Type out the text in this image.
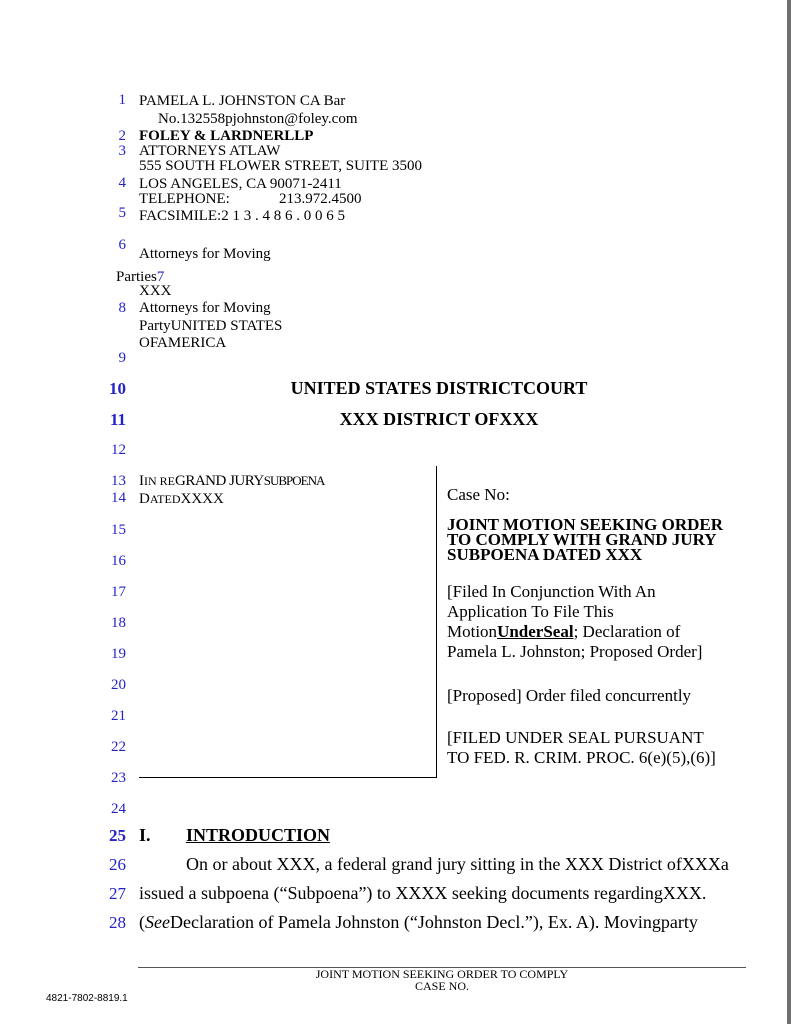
1
2
3
4
5
6
8
9
10
11
12
13
14
15
16
17
18
19
20
21
22
23
24
25
26
27
28
PAMELA L. JOHNSTON CA Bar
No.132558pjohnston@foley.com
FOLEY & LARDNERLLP
ATTORNEYS ATLAW
555 SOUTH FLOWER STREET, SUITE 3500
LOS ANGELES, CA 90071-2411
TELEPHONE:	213.972.4500
FACSIMILE:2 1 3 . 4 8 6 . 0 0 6 5
Attorneys for Moving
Parties7
XXX
Attorneys for Moving
PartyUNITED STATES
OFAMERICA
UNITED STATES DISTRICTCOURT
XXX DISTRICT OFXXX
IIN REGRAND JURYSUBPOENA
DATEDXXXX	Case No:
JOINT MOTION SEEKING ORDER
TO COMPLY WITH GRAND JURY
SUBPOENA DATED XXX
[Filed In Conjunction With An
Application To File This
MotionUnderSeal; Declaration of
Pamela L. Johnston; Proposed Order]
[Proposed] Order filed concurrently
[FILED UNDER SEAL PURSUANT
TO FED. R. CRIM. PROC. 6(e)(5),(6)]
I. INTRODUCTION
On or about XXX, a federal grand jury sitting in the XXX District ofXXXa
issued a subpoena (“Subpoena”) to XXXX seeking documents regardingXXX.
(SeeDeclaration of Pamela Johnston (“Johnston Decl.”), Ex. A). Movingparty
JOINT MOTION SEEKING ORDER TO COMPLY
CASE NO.
4821-7802-8819.1
